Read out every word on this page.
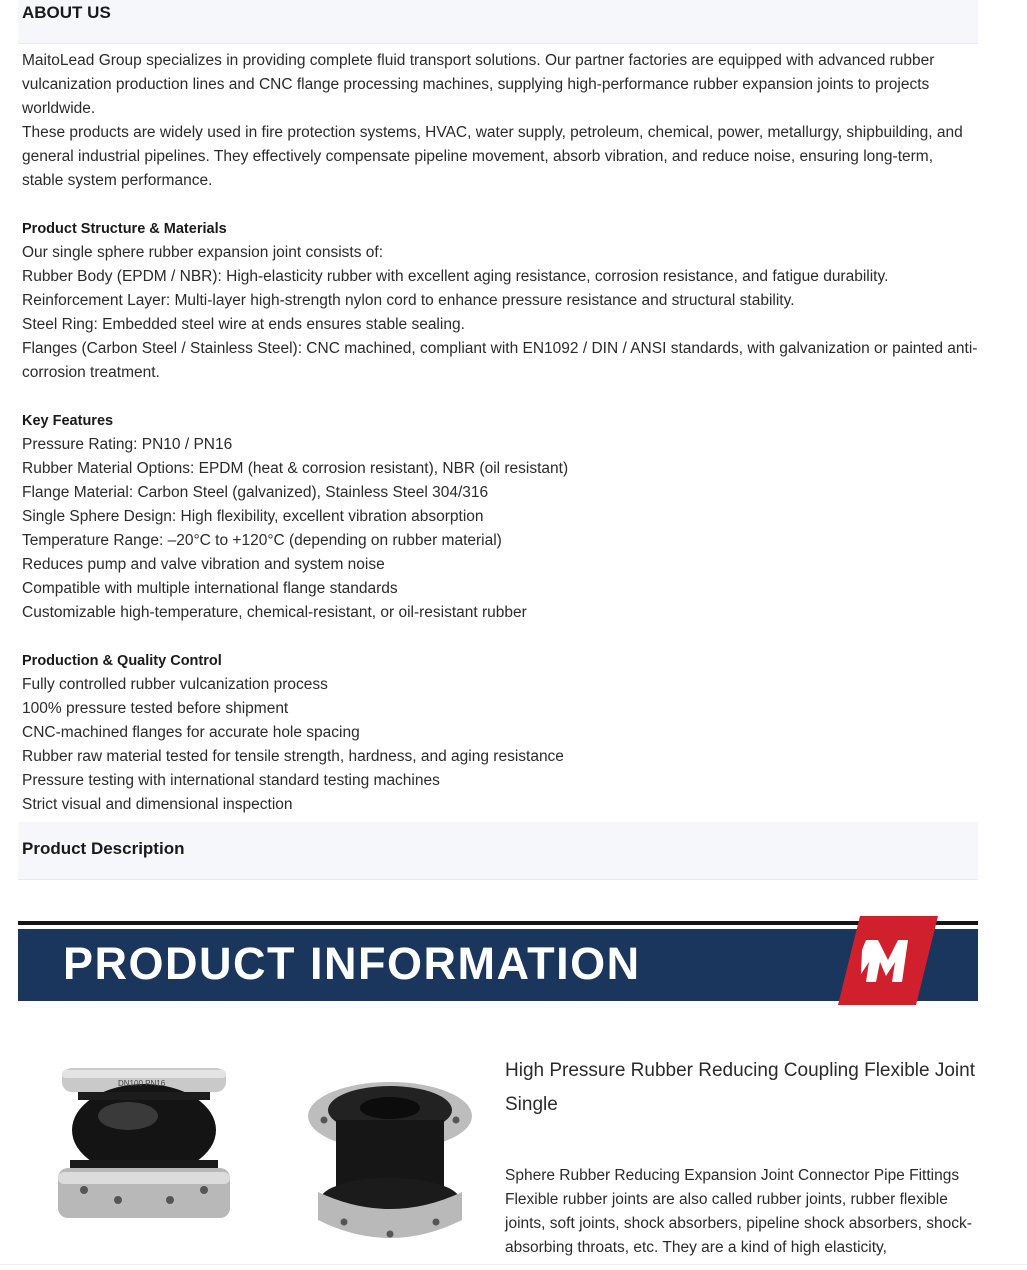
ABOUT US

MaitoLead Group specializes in providing complete fluid transport solutions. Our partner factories are equipped with advanced rubber vulcanization production lines and CNC flange processing machines, supplying high-performance rubber expansion joints to projects worldwide.

These products are widely used in fire protection systems, HVAC, water supply, petroleum, chemical, power, metallurgy, shipbuilding, and general industrial pipelines. They effectively compensate pipeline movement, absorb vibration, and reduce noise, ensuring long-term, stable system performance.

Product Structure & Materials

Our single sphere rubber expansion joint consists of:

Rubber Body (EPDM / NBR): High-elasticity rubber with excellent aging resistance, corrosion resistance, and fatigue durability.

Reinforcement Layer: Multi-layer high-strength nylon cord to enhance pressure resistance and structural stability.

Steel Ring: Embedded steel wire at ends ensures stable sealing.

Flanges (Carbon Steel / Stainless Steel): CNC machined, compliant with EN1092 / DIN / ANSI standards, with galvanization or painted anti-corrosion treatment.

Key Features

Pressure Rating: PN10 / PN16

Rubber Material Options: EPDM (heat & corrosion resistant), NBR (oil resistant)

Flange Material: Carbon Steel (galvanized), Stainless Steel 304/316

Single Sphere Design: High flexibility, excellent vibration absorption

Temperature Range: –20°C to +120°C (depending on rubber material)

Reduces pump and valve vibration and system noise

Compatible with multiple international flange standards

Customizable high-temperature, chemical-resistant, or oil-resistant rubber

Production & Quality Control

Fully controlled rubber vulcanization process

100% pressure tested before shipment

CNC-machined flanges for accurate hole spacing

Rubber raw material tested for tensile strength, hardness, and aging resistance

Pressure testing with international standard testing machines

Strict visual and dimensional inspection

Product Description
PRODUCT INFORMATION
DN100 PN16
High Pressure Rubber Reducing Coupling Flexible Joint Single
Sphere Rubber Reducing Expansion Joint Connector Pipe Fittings Flexible rubber joints are also called rubber joints, rubber flexible joints, soft joints, shock absorbers, pipeline shock absorbers, shock-absorbing throats, etc. They are a kind of high elasticity,
